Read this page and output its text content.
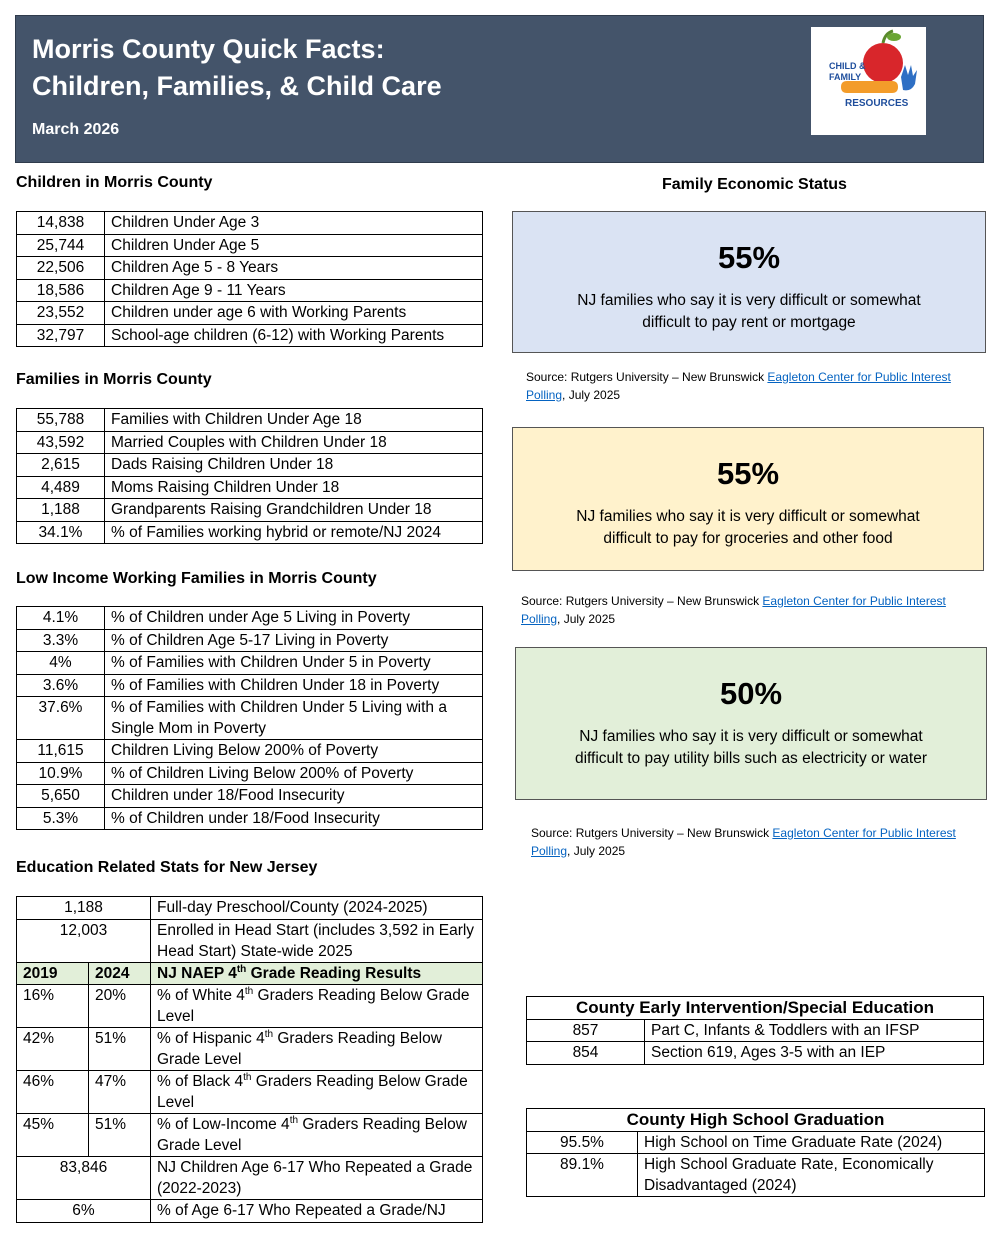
Morris County Quick Facts:
Children, Families, & Child Care
March 2026
CHILD &
FAMILY
RESOURCES
Children in Morris County
14,838	Children Under Age 3
25,744	Children Under Age 5
22,506	Children Age 5 - 8 Years
18,586	Children Age 9 - 11 Years
23,552	Children under age 6 with Working Parents
32,797	School-age children (6-12) with Working Parents
Families in Morris County
55,788	Families with Children Under Age 18
43,592	Married Couples with Children Under 18
2,615	Dads Raising Children Under 18
4,489	Moms Raising Children Under 18
1,188	Grandparents Raising Grandchildren Under 18
34.1%	% of Families working hybrid or remote/NJ 2024
Low Income Working Families in Morris County
4.1%	% of Children under Age 5 Living in Poverty
3.3%	% of Children Age 5-17 Living in Poverty
4%	% of Families with Children Under 5 in Poverty
3.6%	% of Families with Children Under 18 in Poverty
37.6%	% of Families with Children Under 5 Living with a Single Mom in Poverty
11,615	Children Living Below 200% of Poverty
10.9%	% of Children Living Below 200% of Poverty
5,650	Children under 18/Food Insecurity
5.3%	% of Children under 18/Food Insecurity
Education Related Stats for New Jersey
1,188		Full-day Preschool/County (2024-2025)
12,003		Enrolled in Head Start (includes 3,592 in Early Head Start) State-wide 2025
2019	2024	NJ NAEP 4th Grade Reading Results
16%	20%	% of White 4th Graders Reading Below Grade Level
42%	51%	% of Hispanic 4th Graders Reading Below Grade Level
46%	47%	% of Black 4th Graders Reading Below Grade Level
45%	51%	% of Low-Income 4th Graders Reading Below Grade Level
83,846		NJ Children Age 6-17 Who Repeated a Grade (2022-2023)
6%		% of Age 6-17 Who Repeated a Grade/NJ
Family Economic Status
55%
NJ families who say it is very difficult or somewhat
difficult to pay rent or mortgage
Source: Rutgers University – New Brunswick Eagleton Center for Public Interest
Polling, July 2025
55%
NJ families who say it is very difficult or somewhat
difficult to pay for groceries and other food
Source: Rutgers University – New Brunswick Eagleton Center for Public Interest
Polling, July 2025
50%
NJ families who say it is very difficult or somewhat
difficult to pay utility bills such as electricity or water
Source: Rutgers University – New Brunswick Eagleton Center for Public Interest
Polling, July 2025
County Early Intervention/Special Education	
857	Part C, Infants & Toddlers with an IFSP
854	Section 619, Ages 3-5 with an IEP
County High School Graduation	
95.5%	High School on Time Graduate Rate (2024)
89.1%	High School Graduate Rate, Economically Disadvantaged (2024)
